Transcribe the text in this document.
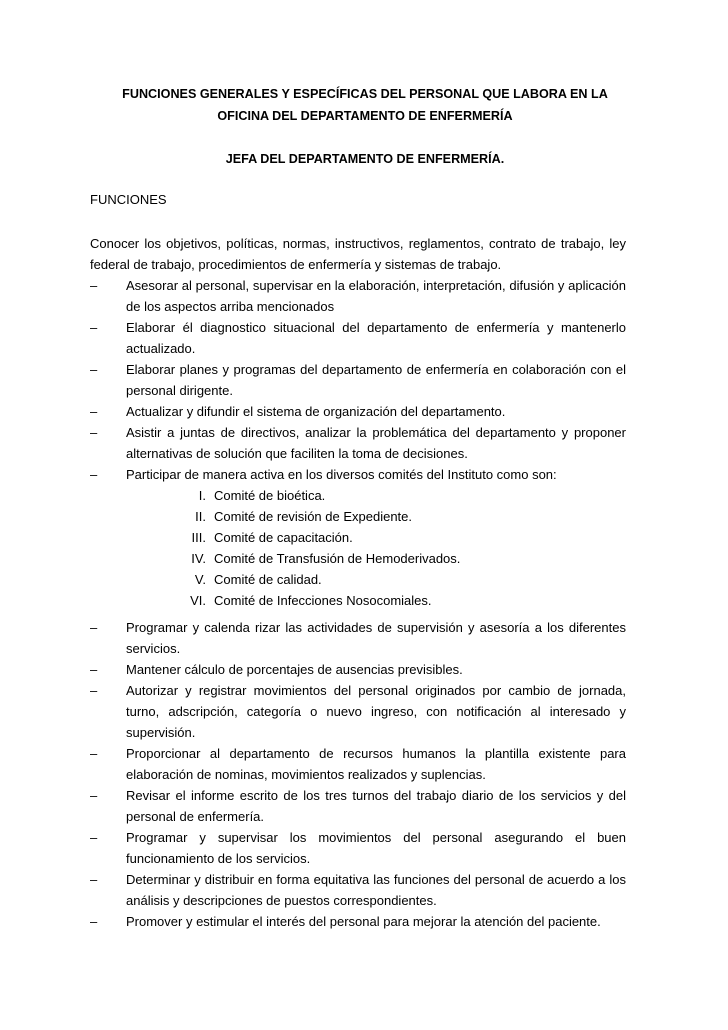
FUNCIONES GENERALES Y ESPECÍFICAS DEL PERSONAL QUE LABORA EN LA
OFICINA DEL DEPARTAMENTO DE ENFERMERÍA
JEFA DEL DEPARTAMENTO DE ENFERMERÍA.
FUNCIONES
Conocer los objetivos, políticas, normas, instructivos, reglamentos, contrato de trabajo, ley federal de trabajo, procedimientos de enfermería y sistemas de trabajo.
–	Asesorar al personal, supervisar en la elaboración, interpretación, difusión y aplicación de los aspectos arriba mencionados
–	Elaborar él diagnostico situacional del departamento de enfermería y mantenerlo actualizado.
–	Elaborar planes y programas del departamento de enfermería en colaboración con el personal dirigente.
–	Actualizar y difundir el sistema de organización del departamento.
–	Asistir a juntas de directivos, analizar la problemática del departamento y proponer alternativas de solución que faciliten la toma de decisiones.
–	Participar de manera activa en los diversos comités del Instituto como son:
I. Comité de bioética.
II. Comité de revisión de Expediente.
III. Comité de capacitación.
IV. Comité de Transfusión de Hemoderivados.
V. Comité de calidad.
VI. Comité de Infecciones Nosocomiales.
–	Programar y calenda rizar las actividades de supervisión y asesoría a los diferentes servicios.
–	Mantener cálculo de porcentajes de ausencias previsibles.
–	Autorizar y registrar movimientos del personal originados por cambio de jornada, turno, adscripción, categoría o nuevo ingreso, con notificación al interesado y supervisión.
–	Proporcionar al departamento de recursos humanos la plantilla existente para elaboración de nominas, movimientos realizados y suplencias.
–	Revisar el informe escrito de los tres turnos del trabajo diario de los servicios y del personal de enfermería.
–	Programar y supervisar los movimientos del personal asegurando el buen funcionamiento de los servicios.
–	Determinar y distribuir en forma equitativa las funciones del personal de acuerdo a los análisis y descripciones de puestos correspondientes.
–	Promover y estimular el interés del personal para mejorar la atención del paciente.
